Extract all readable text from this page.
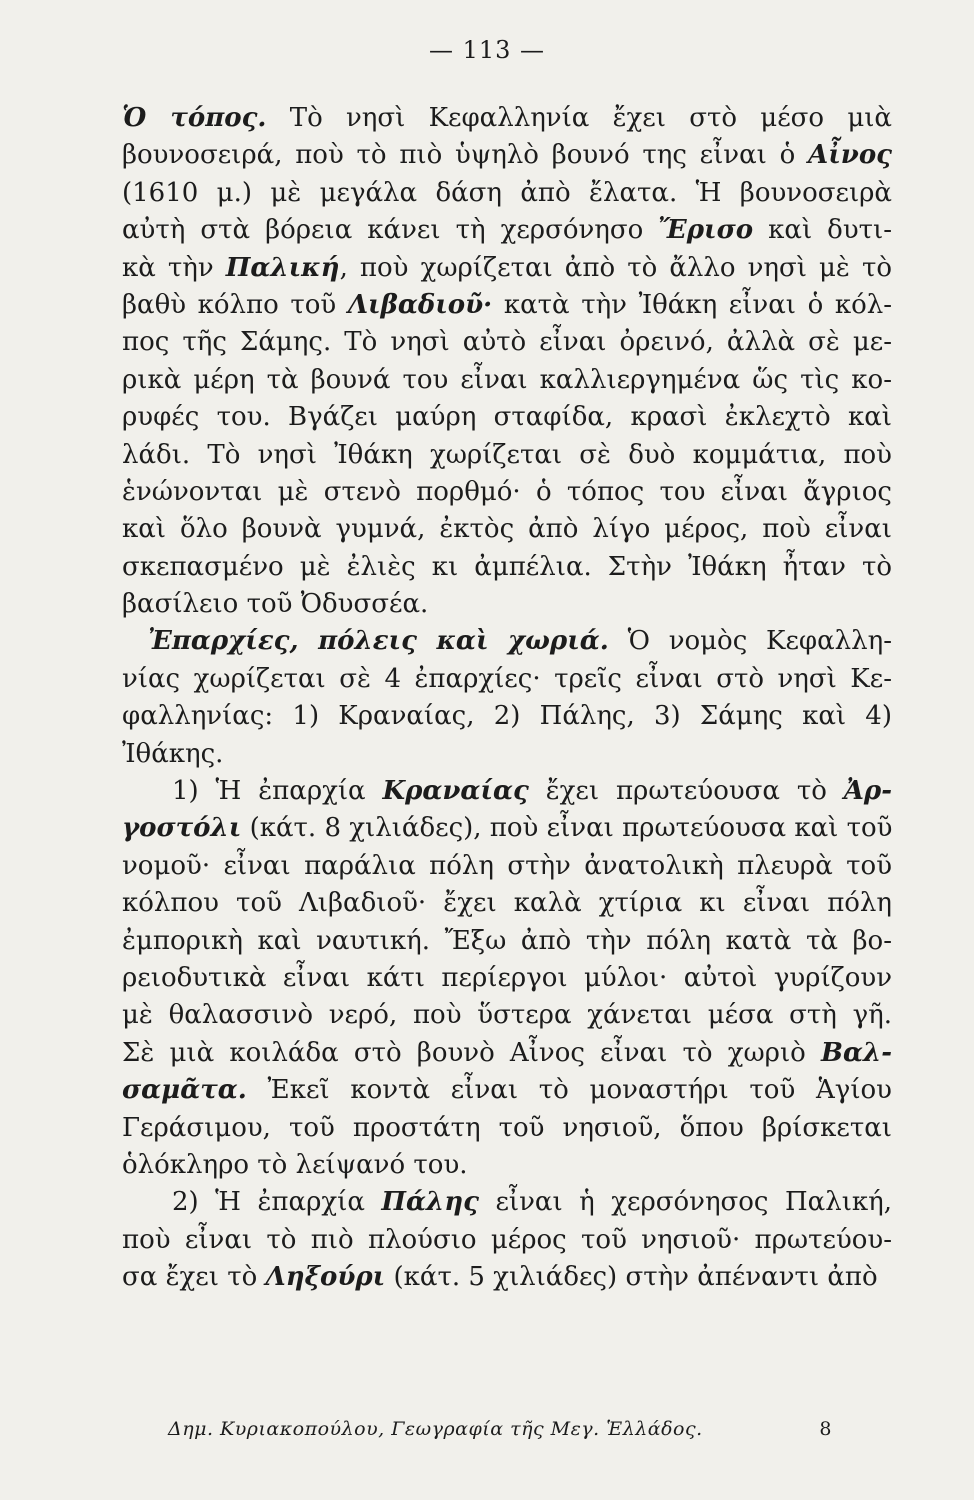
— 113 —
Ὁ τόπος. Τὸ νησὶ Κεφαλληνία ἔχει στὸ μέσο μιὰ
βουνοσειρά, ποὺ τὸ πιὸ ὑψηλὸ βουνό της εἶναι ὁ Αἶνος
(1610 μ.) μὲ μεγάλα δάση ἀπὸ ἔλατα. Ἡ βουνοσειρὰ
αὐτὴ στὰ βόρεια κάνει τὴ χερσόνησο Ἔρισο καὶ δυτι-
κὰ τὴν Παλική, ποὺ χωρίζεται ἀπὸ τὸ ἄλλο νησὶ μὲ τὸ
βαθὺ κόλπο τοῦ Λιβαδιοῦ· κατὰ τὴν Ἰθάκη εἶναι ὁ κόλ-
πος τῆς Σάμης. Τὸ νησὶ αὐτὸ εἶναι ὀρεινό, ἀλλὰ σὲ με-
ρικὰ μέρη τὰ βουνά του εἶναι καλλιεργημένα ὥς τὶς κο-
ρυφές του. Βγάζει μαύρη σταφίδα, κρασὶ ἐκλεχτὸ καὶ
λάδι. Τὸ νησὶ Ἰθάκη χωρίζεται σὲ δυὸ κομμάτια, ποὺ
ἑνώνονται μὲ στενὸ πορθμό· ὁ τόπος του εἶναι ἄγριος
καὶ ὅλο βουνὰ γυμνά, ἐκτὸς ἀπὸ λίγο μέρος, ποὺ εἶναι
σκεπασμένο μὲ ἐλιὲς κι ἀμπέλια. Στὴν Ἰθάκη ἦταν τὸ
βασίλειο τοῦ Ὀδυσσέα.
Ἐπαρχίες, πόλεις καὶ χωριά. Ὁ νομὸς Κεφαλλη-
νίας χωρίζεται σὲ 4 ἐπαρχίες· τρεῖς εἶναι στὸ νησὶ Κε-
φαλληνίας: 1) Κραναίας, 2) Πάλης, 3) Σάμης καὶ 4)
Ἰθάκης.
1) Ἡ ἐπαρχία Κραναίας ἔχει πρωτεύουσα τὸ Ἀρ-
γοστόλι (κάτ. 8 χιλιάδες), ποὺ εἶναι πρωτεύουσα καὶ τοῦ
νομοῦ· εἶναι παράλια πόλη στὴν ἀνατολικὴ πλευρὰ τοῦ
κόλπου τοῦ Λιβαδιοῦ· ἔχει καλὰ χτίρια κι εἶναι πόλη
ἐμπορικὴ καὶ ναυτική. Ἔξω ἀπὸ τὴν πόλη κατὰ τὰ βο-
ρειοδυτικὰ εἶναι κάτι περίεργοι μύλοι· αὐτοὶ γυρίζουν
μὲ θαλασσινὸ νερό, ποὺ ὕστερα χάνεται μέσα στὴ γῆ.
Σὲ μιὰ κοιλάδα στὸ βουνὸ Αἶνος εἶναι τὸ χωριὸ Βαλ-
σαμᾶτα. Ἐκεῖ κοντὰ εἶναι τὸ μοναστήρι τοῦ Ἁγίου
Γεράσιμου, τοῦ προστάτη τοῦ νησιοῦ, ὅπου βρίσκεται
ὁλόκληρο τὸ λείψανό του.
2) Ἡ ἐπαρχία Πάλης εἶναι ἡ χερσόνησος Παλική,
ποὺ εἶναι τὸ πιὸ πλούσιο μέρος τοῦ νησιοῦ· πρωτεύου-
σα ἔχει τὸ Ληξούρι (κάτ. 5 χιλιάδες) στὴν ἀπέναντι ἀπὸ
Δημ. Κυριακοπούλου, Γεωγραφία τῆς Μεγ. Ἑλλάδος.	8
